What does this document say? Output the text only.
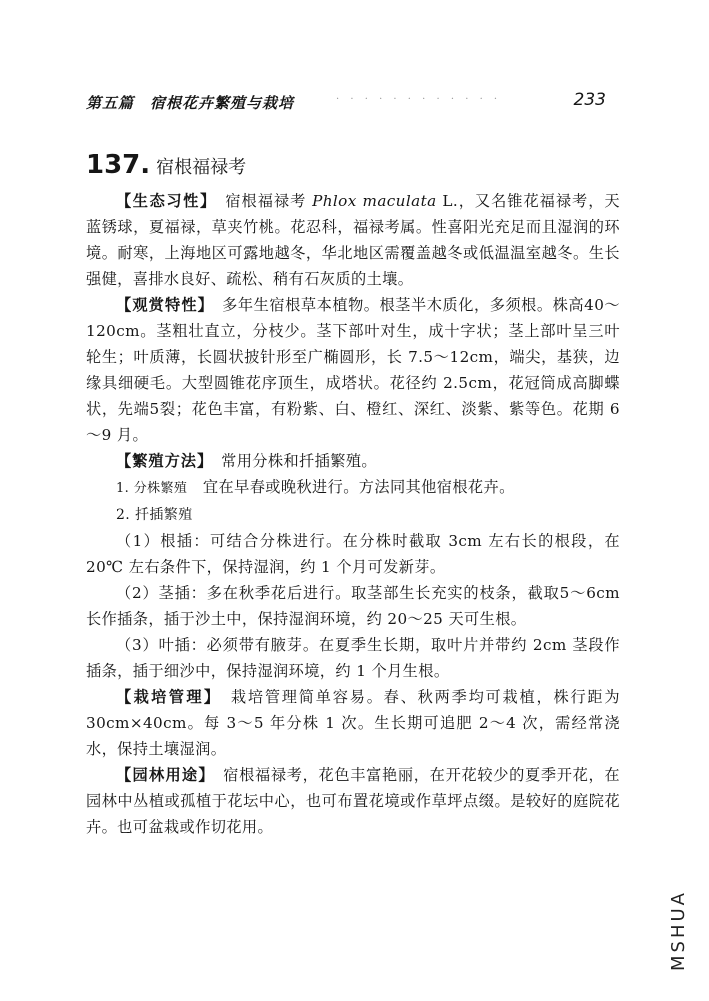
第五篇　宿根花卉繁殖与栽培	· · · · · · · · · · · ·	233
137. 宿根福禄考

【生态习性】　宿根福禄考 Phlox maculata L.，又名锥花福禄考，天蓝锈球，夏福禄，草夹竹桃。花忍科，福禄考属。性喜阳光充足而且湿润的环境。耐寒，上海地区可露地越冬，华北地区需覆盖越冬或低温温室越冬。生长强健，喜排水良好、疏松、稍有石灰质的土壤。

【观赏特性】　多年生宿根草本植物。根茎半木质化，多须根。株高40～120cm。茎粗壮直立，分枝少。茎下部叶对生，成十字状；茎上部叶呈三叶轮生；叶质薄，长圆状披针形至广椭圆形，长 7.5～12cm，端尖，基狭，边缘具细硬毛。大型圆锥花序顶生，成塔状。花径约 2.5cm，花冠筒成高脚蝶状，先端5裂；花色丰富，有粉紫、白、橙红、深红、淡紫、紫等色。花期 6～9 月。

【繁殖方法】　常用分株和扦插繁殖。

1. 分株繁殖　宜在早春或晚秋进行。方法同其他宿根花卉。

2. 扦插繁殖

（1）根插：可结合分株进行。在分株时截取 3cm 左右长的根段，在 20℃ 左右条件下，保持湿润，约 1 个月可发新芽。

（2）茎插：多在秋季花后进行。取茎部生长充实的枝条，截取5～6cm 长作插条，插于沙土中，保持湿润环境，约 20～25 天可生根。

（3）叶插：必须带有腋芽。在夏季生长期，取叶片并带约 2cm 茎段作插条，插于细沙中，保持湿润环境，约 1 个月生根。

【栽培管理】　栽培管理简单容易。春、秋两季均可栽植，株行距为 30cm×40cm。每 3～5 年分株 1 次。生长期可追肥 2～4 次，需经常浇水，保持土壤湿润。

【园林用途】　宿根福禄考，花色丰富艳丽，在开花较少的夏季开花，在园林中丛植或孤植于花坛中心，也可布置花境或作草坪点缀。是较好的庭院花卉。也可盆栽或作切花用。

MSHUA
